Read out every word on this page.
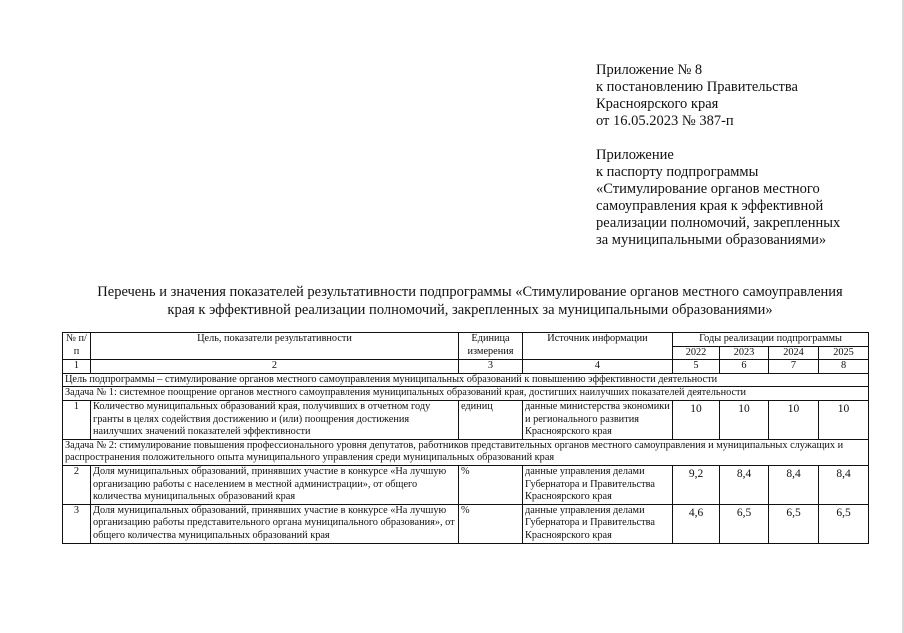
Приложение № 8
к постановлению Правительства
Красноярского края
от 16.05.2023 № 387-п
Приложение
к паспорту подпрограммы
«Стимулирование органов местного
самоуправления края к эффективной
реализации полномочий, закрепленных
за муниципальными образованиями»
Перечень и значения показателей результативности подпрограммы «Стимулирование органов местного самоуправления
края к эффективной реализации полномочий, закрепленных за муниципальными образованиями»
№ п/п	Цель, показатели результативности	Единица измерения	Источник информации	Годы реализации подпрограммы			
				2022	2023	2024	2025
1	2	3	4	5	6	7	8
Цель подпрограммы – стимулирование органов местного самоуправления муниципальных образований к повышению эффективности деятельности							
Задача № 1: системное поощрение органов местного самоуправления муниципальных образований края, достигших наилучших показателей деятельности							
1	Количество муниципальных образований края, получивших в отчетном году гранты в целях содействия достижению и (или) поощрения достижения наилучших значений показателей эффективности	единиц	данные министерства экономики и регионального развития Красноярского края	10	10	10	10
Задача № 2: стимулирование повышения профессионального уровня депутатов, работников представительных органов местного самоуправления и муниципальных служащих и распространения положительного опыта муниципального управления среди муниципальных образований края							
2	Доля муниципальных образований, принявших участие в конкурсе «На лучшую организацию работы с населением в местной администрации», от общего количества муниципальных образований края	%	данные управления делами Губернатора и Правительства Красноярского края	9,2	8,4	8,4	8,4
3	Доля муниципальных образований, принявших участие в конкурсе «На лучшую организацию работы представительного органа муниципального образования», от общего количества муниципальных образований края	%	данные управления делами Губернатора и Правительства Красноярского края	4,6	6,5	6,5	6,5
